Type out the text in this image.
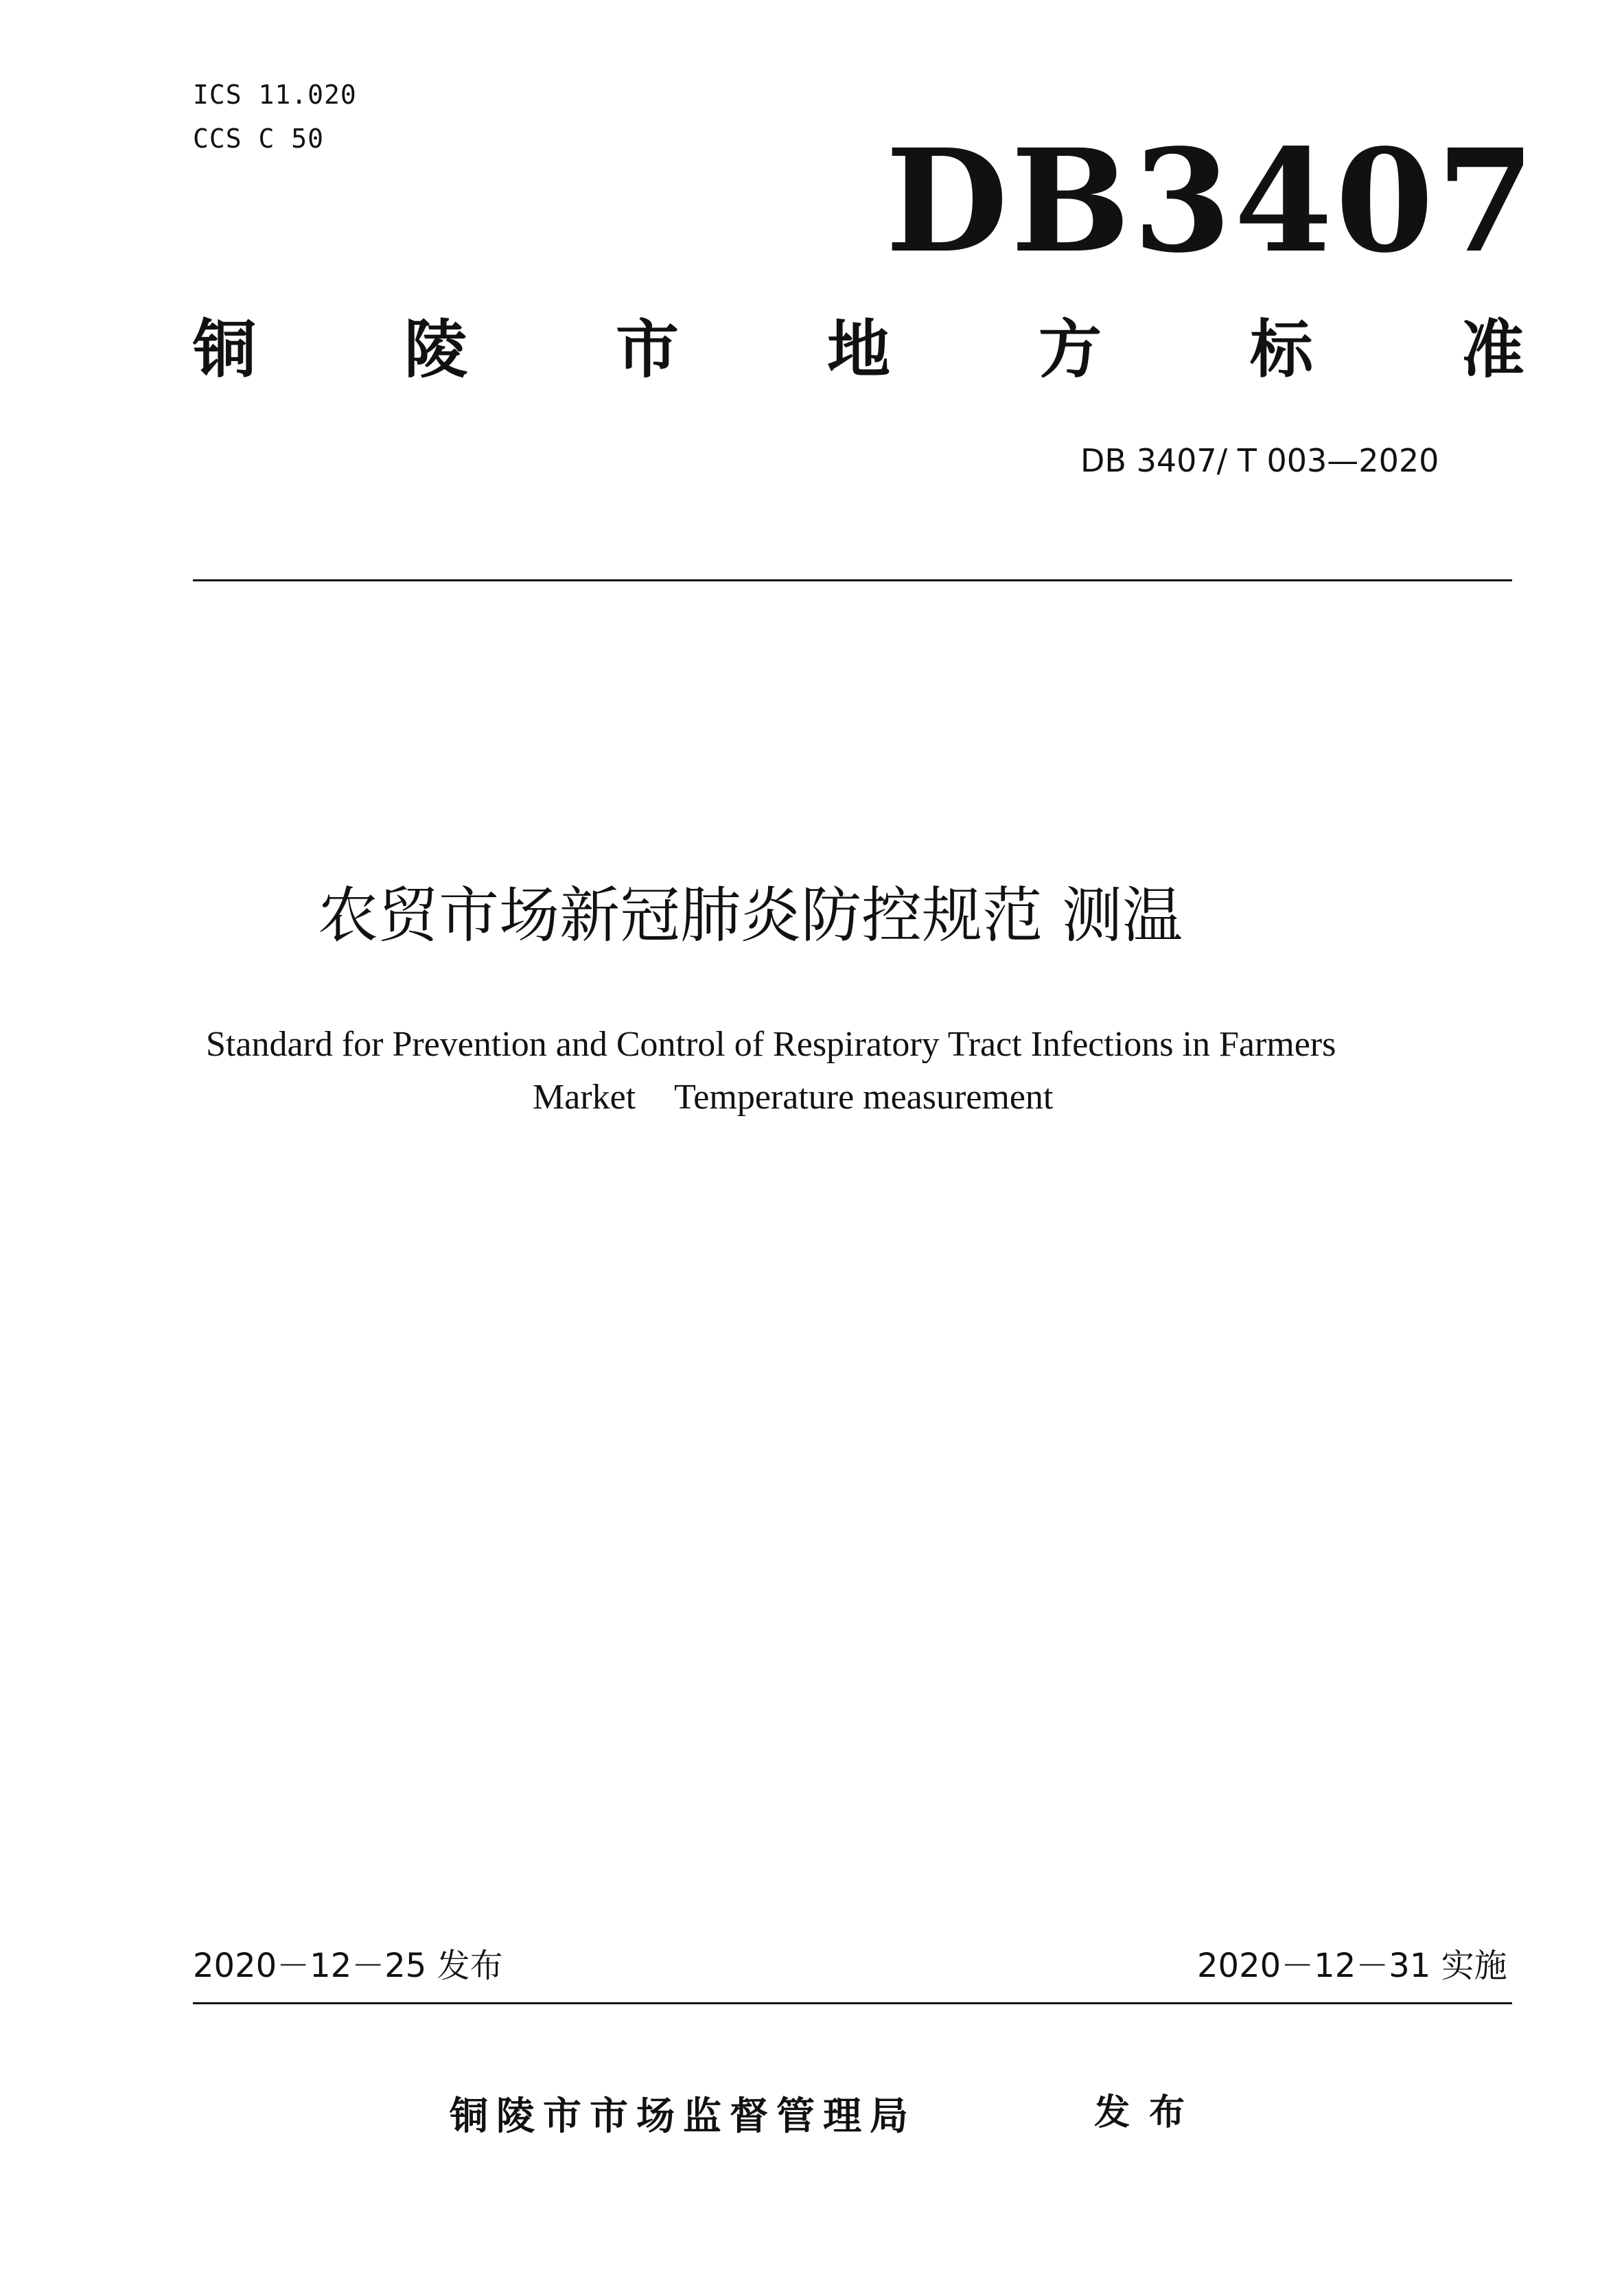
ICS 11.020
CCS C 50	DB3407
铜 陵 市 地 方 标 准
DB 3407/ T 003—2020
农贸市场新冠肺炎防控规范 测温
Standard for Prevention and Control of Respiratory Tract Infections in Farmers
Market Temperature measurement
2020－12－25 发布	2020－12－31 实施
铜陵市市场监督管理局	发布
